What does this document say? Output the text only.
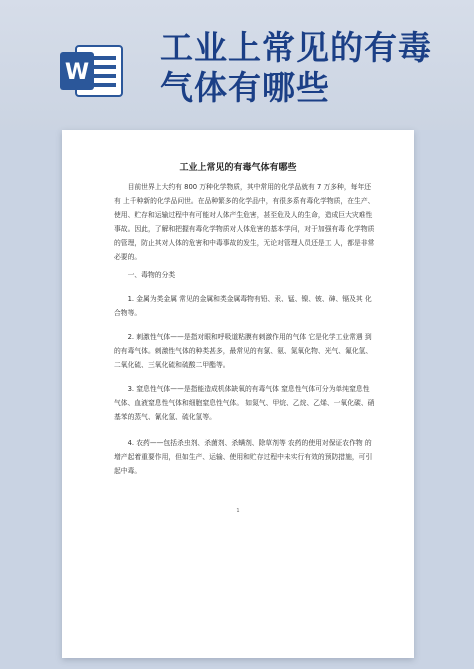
W
工业上常见的有毒
气体有哪些
工业上常见的有毒气体有哪些

目前世界上大约有 800 万种化学物质，其中常用的化学品就有 7 万多种，每年还有 上千种新的化学品问世。在品种繁多的化学品中，有很多系有毒化学物质，在生产、使用、贮存和运输过程中有可能对人体产生危害，甚至危及人的生命，造成巨大灾难性事故。因此，了解和把握有毒化学物质对人体危害的基本学问，对于加强有毒 化学物质的管理，防止其对人体的危害和中毒事故的发生，无论对管理人员还是工 人，都是非常必要的。

一、毒物的分类

1. 金属为类金属 常见的金属和类金属毒物有铅、汞、锰、镍、铍、砷、镉及其 化合物等。

2. 刺激性气体——是指对眼和呼吸道粘膜有刺激作用的气体 它是化学工业常遇 到的有毒气体。刺激性气体的种类甚多，最常见的有氯、氨、氮氧化物、光气、氟化氢、二氧化硫、三氧化硫和硫酸二甲酯等。

3. 窒息性气体——是指能造成机体缺氧的有毒气体 窒息性气体可分为单纯窒息性 气体、血液窒息性气体和细胞窒息性气体。 如氮气、甲烷、乙烷、乙烯、一氧化碳、硝基苯的蒸气、氰化氢、硫化氢等。

4. 农药——包括杀虫剂、杀菌剂、杀螨剂、除草剂等 农药的使用对保证农作物 的增产起着重要作用，但如生产、运输、使用和贮存过程中未实行有效的预防措施，可引起中毒。

1
